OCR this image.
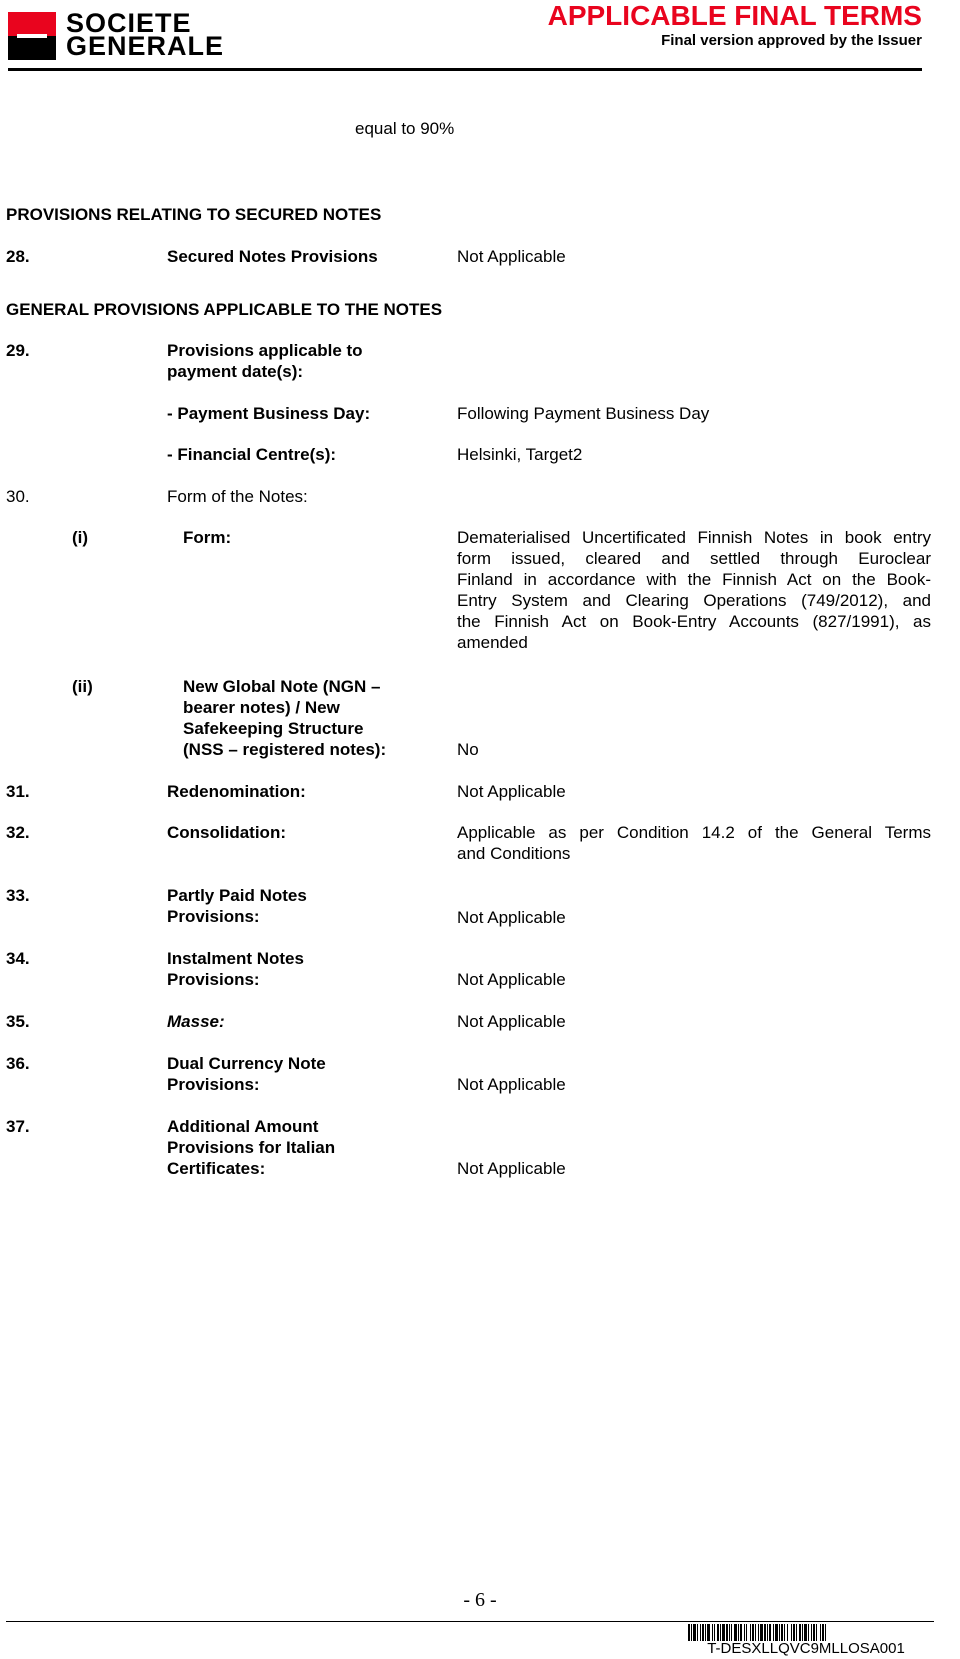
SOCIETE
GENERALE
APPLICABLE FINAL TERMS
Final version approved by the Issuer
equal to 90%
PROVISIONS RELATING TO SECURED NOTES
28.	Secured Notes Provisions	Not Applicable
GENERAL PROVISIONS APPLICABLE TO THE NOTES
29.	Provisions applicable to
payment date(s):
- Payment Business Day:	Following Payment Business Day
- Financial Centre(s):	Helsinki, Target2
30.	Form of the Notes:
(i)	Form:	Dematerialised Uncertificated Finnish Notes in book entry
form issued, cleared and settled through Euroclear
Finland in accordance with the Finnish Act on the Book-
Entry System and Clearing Operations (749/2012), and
the Finnish Act on Book-Entry Accounts (827/1991), as
amended
(ii)	New Global Note (NGN –
bearer notes) / New
Safekeeping Structure
(NSS – registered notes):	No
31.	Redenomination:	Not Applicable
32.	Consolidation:	Applicable as per Condition 14.2 of the General Terms
and Conditions
33.	Partly Paid Notes
Provisions:	Not Applicable
34.	Instalment Notes
Provisions:	Not Applicable
35.	Masse:	Not Applicable
36.	Dual Currency Note
Provisions:	Not Applicable
37.	Additional Amount
Provisions for Italian
Certificates:	Not Applicable
- 6 -
T-DESXLLQVC9MLLOSA001
